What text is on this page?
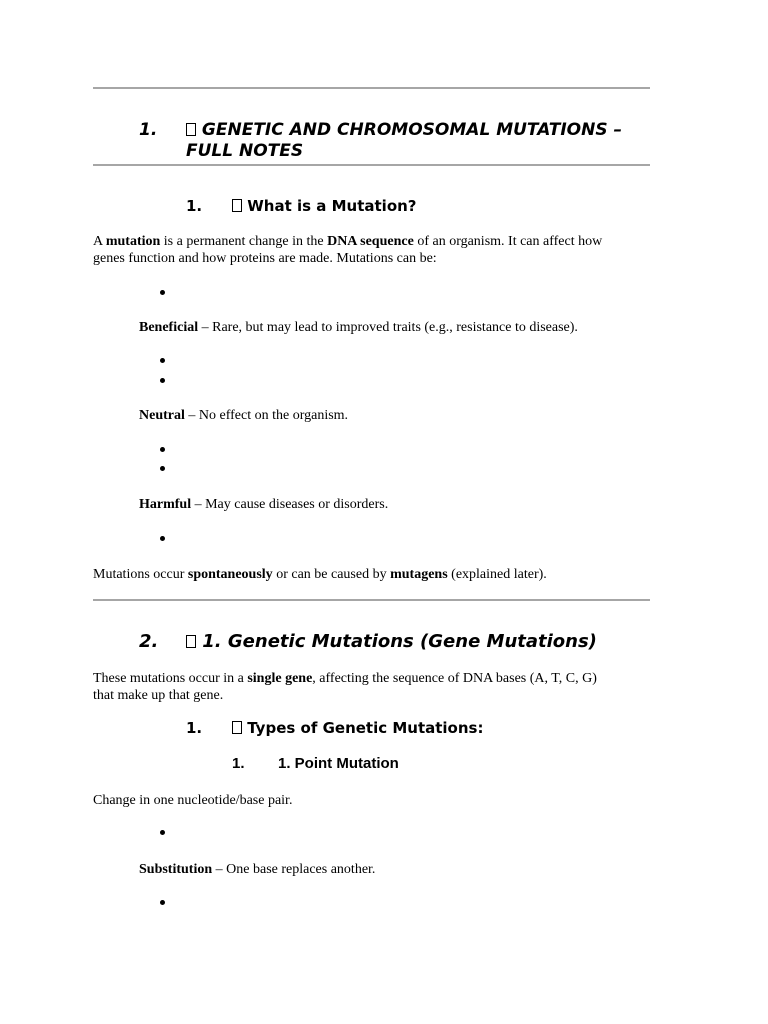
1.	GENETIC AND CHROMOSOMAL MUTATIONS –
FULL NOTES
1.	What is a Mutation?
A mutation is a permanent change in the DNA sequence of an organism. It can affect how
genes function and how proteins are made. Mutations can be:
Beneficial – Rare, but may lead to improved traits (e.g., resistance to disease).
Neutral – No effect on the organism.
Harmful – May cause diseases or disorders.
Mutations occur spontaneously or can be caused by mutagens (explained later).
2. 1. Genetic Mutations (Gene Mutations)
These mutations occur in a single gene, affecting the sequence of DNA bases (A, T, C, G)
that make up that gene.
1.	Types of Genetic Mutations:
1. 1. Point Mutation
Change in one nucleotide/base pair.
Substitution – One base replaces another.
